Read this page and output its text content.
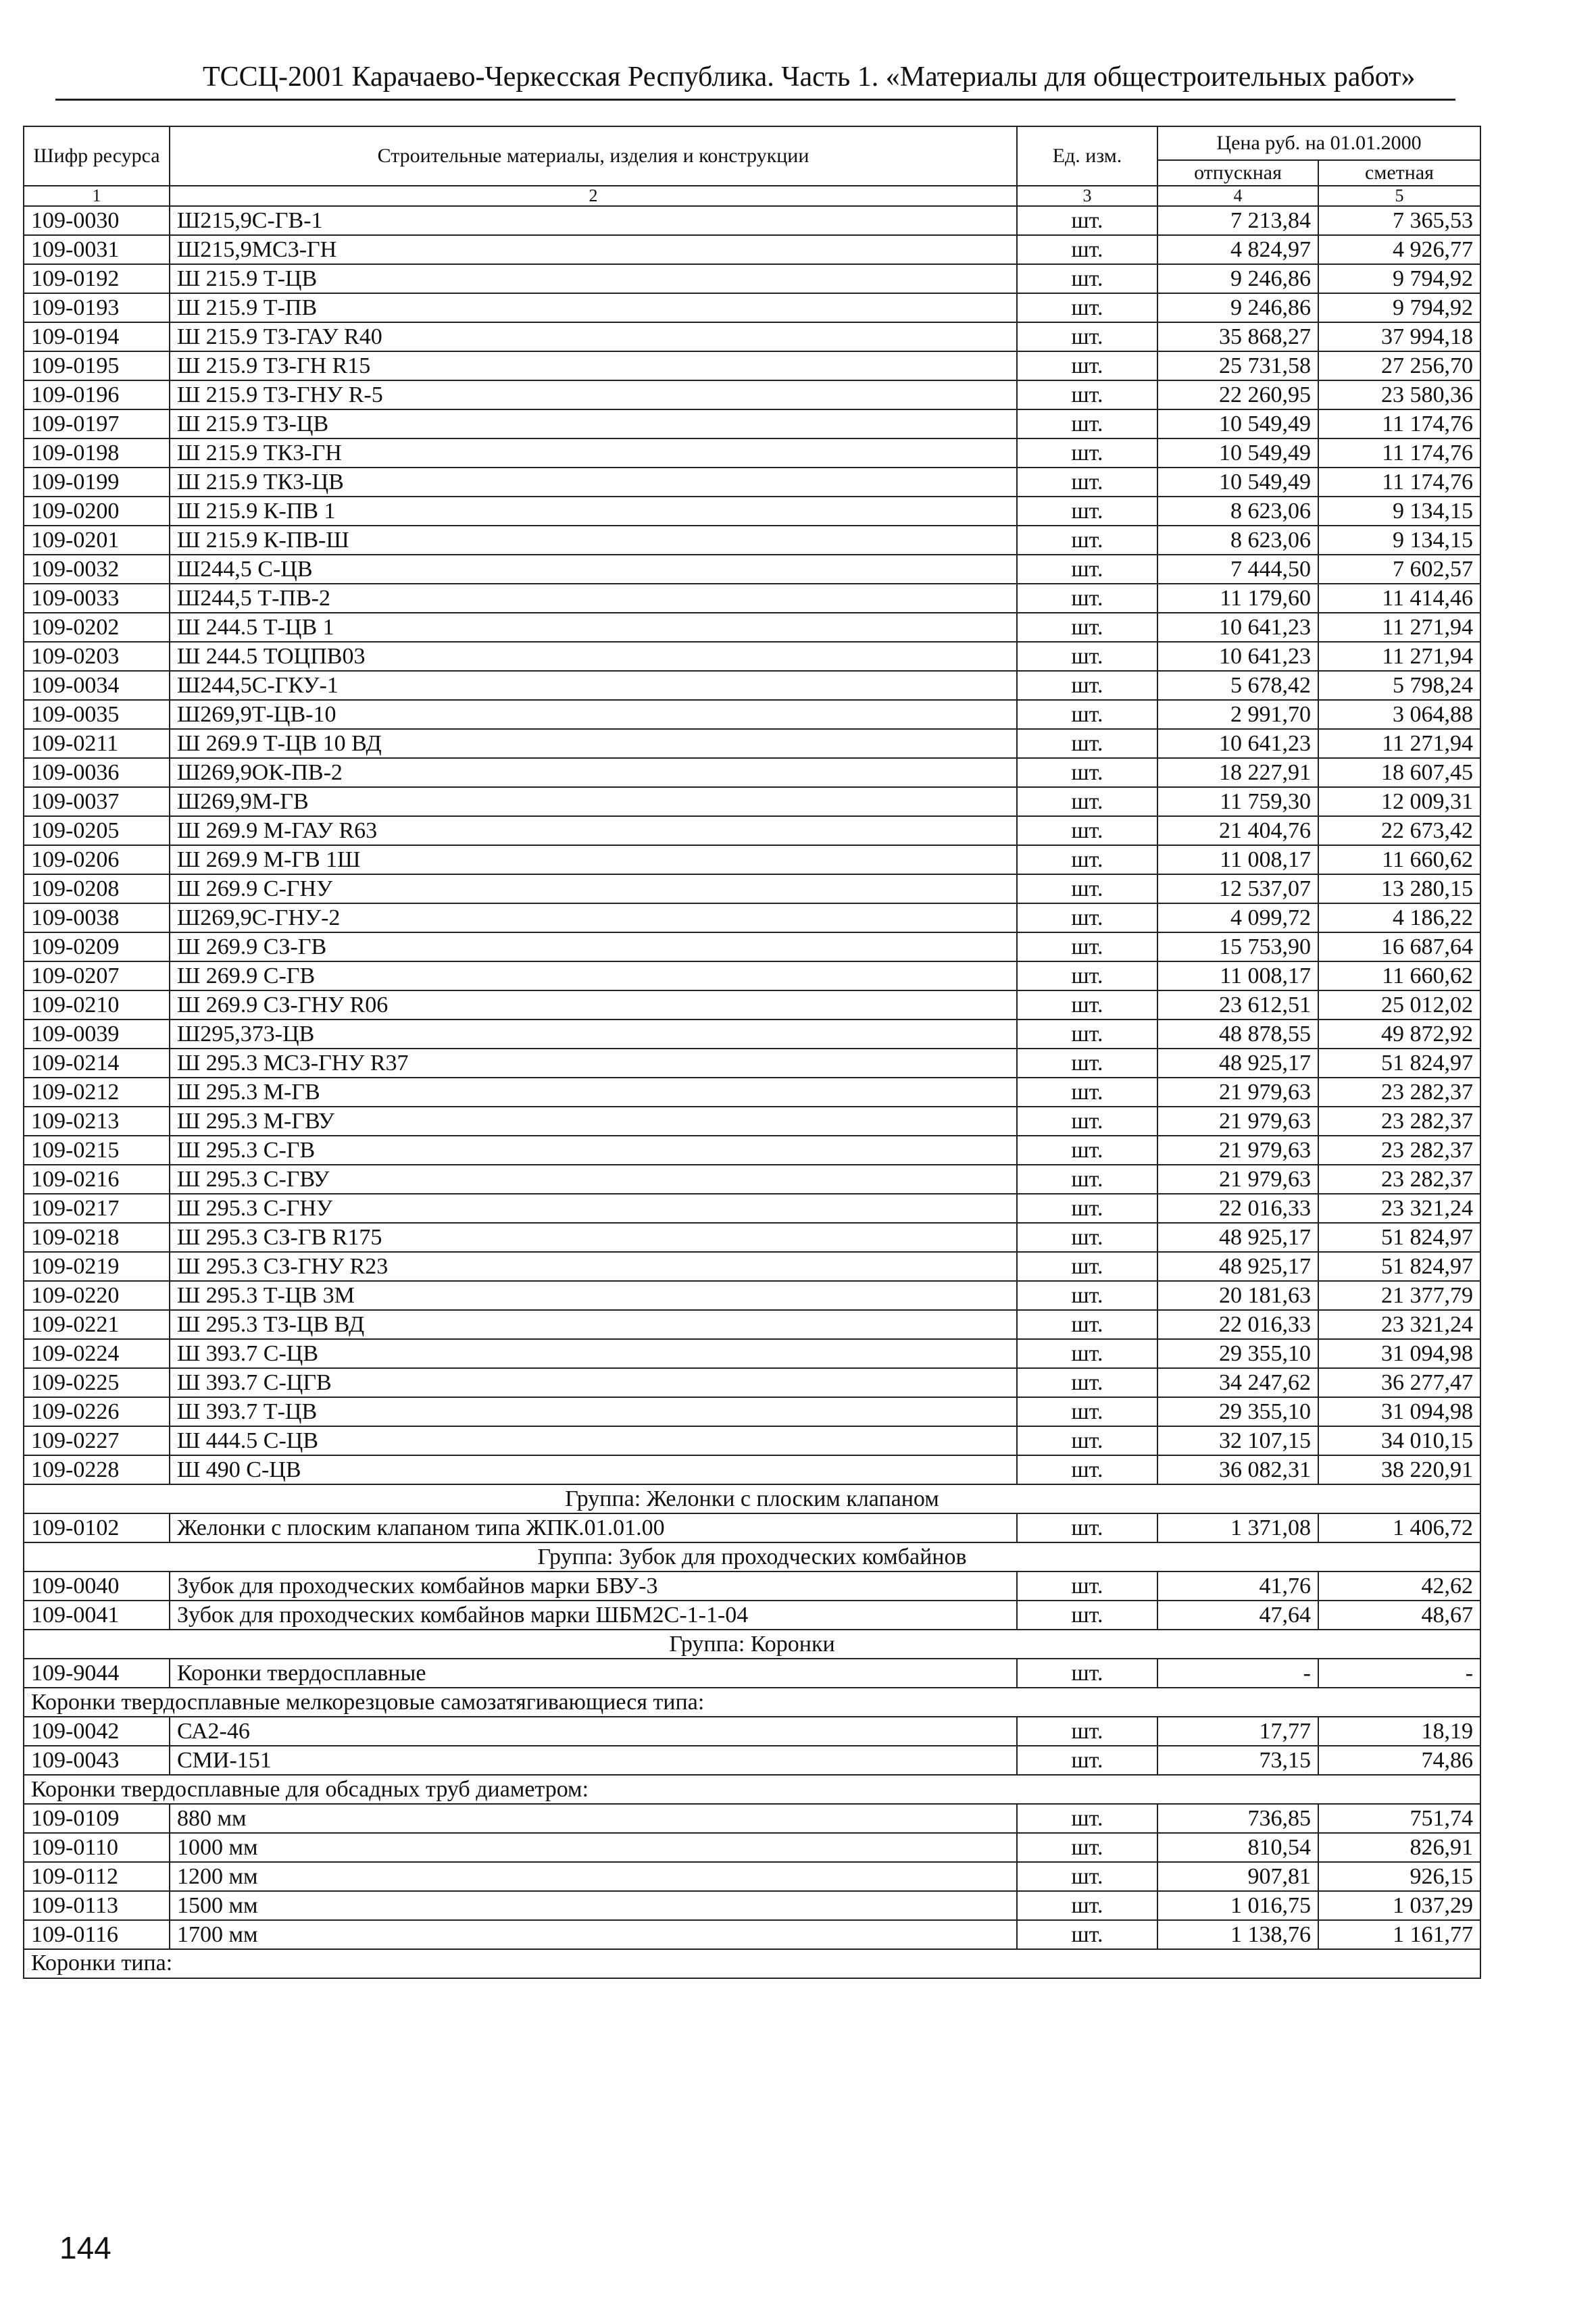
ТССЦ-2001 Карачаево-Черкесская Республика. Часть 1. «Материалы для общестроительных работ»
Шифр ресурса	Строительные материалы, изделия и конструкции	Ед. изм.	Цена руб. на 01.01.2000	
			отпускная	сметная
1	2	3	4	5
109-0030	Ш215,9С-ГВ-1	шт.	7 213,84	7 365,53
109-0031	Ш215,9МС3-ГН	шт.	4 824,97	4 926,77
109-0192	Ш 215.9 Т-ЦВ	шт.	9 246,86	9 794,92
109-0193	Ш 215.9 Т-ПВ	шт.	9 246,86	9 794,92
109-0194	Ш 215.9 ТЗ-ГАУ R40	шт.	35 868,27	37 994,18
109-0195	Ш 215.9 ТЗ-ГН R15	шт.	25 731,58	27 256,70
109-0196	Ш 215.9 ТЗ-ГНУ R-5	шт.	22 260,95	23 580,36
109-0197	Ш 215.9 ТЗ-ЦВ	шт.	10 549,49	11 174,76
109-0198	Ш 215.9 ТКЗ-ГН	шт.	10 549,49	11 174,76
109-0199	Ш 215.9 ТКЗ-ЦВ	шт.	10 549,49	11 174,76
109-0200	Ш 215.9 К-ПВ 1	шт.	8 623,06	9 134,15
109-0201	Ш 215.9 К-ПВ-Ш	шт.	8 623,06	9 134,15
109-0032	Ш244,5 С-ЦВ	шт.	7 444,50	7 602,57
109-0033	Ш244,5 Т-ПВ-2	шт.	11 179,60	11 414,46
109-0202	Ш 244.5 Т-ЦВ 1	шт.	10 641,23	11 271,94
109-0203	Ш 244.5 ТОЦПВ03	шт.	10 641,23	11 271,94
109-0034	Ш244,5С-ГКУ-1	шт.	5 678,42	5 798,24
109-0035	Ш269,9Т-ЦВ-10	шт.	2 991,70	3 064,88
109-0211	Ш 269.9 Т-ЦВ 10 ВД	шт.	10 641,23	11 271,94
109-0036	Ш269,9ОК-ПВ-2	шт.	18 227,91	18 607,45
109-0037	Ш269,9М-ГВ	шт.	11 759,30	12 009,31
109-0205	Ш 269.9 М-ГАУ R63	шт.	21 404,76	22 673,42
109-0206	Ш 269.9 М-ГВ 1Ш	шт.	11 008,17	11 660,62
109-0208	Ш 269.9 С-ГНУ	шт.	12 537,07	13 280,15
109-0038	Ш269,9С-ГНУ-2	шт.	4 099,72	4 186,22
109-0209	Ш 269.9 СЗ-ГВ	шт.	15 753,90	16 687,64
109-0207	Ш 269.9 С-ГВ	шт.	11 008,17	11 660,62
109-0210	Ш 269.9 СЗ-ГНУ R06	шт.	23 612,51	25 012,02
109-0039	Ш295,373-ЦВ	шт.	48 878,55	49 872,92
109-0214	Ш 295.3 МСЗ-ГНУ R37	шт.	48 925,17	51 824,97
109-0212	Ш 295.3 М-ГВ	шт.	21 979,63	23 282,37
109-0213	Ш 295.3 М-ГВУ	шт.	21 979,63	23 282,37
109-0215	Ш 295.3 С-ГВ	шт.	21 979,63	23 282,37
109-0216	Ш 295.3 С-ГВУ	шт.	21 979,63	23 282,37
109-0217	Ш 295.3 С-ГНУ	шт.	22 016,33	23 321,24
109-0218	Ш 295.3 СЗ-ГВ R175	шт.	48 925,17	51 824,97
109-0219	Ш 295.3 СЗ-ГНУ R23	шт.	48 925,17	51 824,97
109-0220	Ш 295.3 Т-ЦВ 3М	шт.	20 181,63	21 377,79
109-0221	Ш 295.3 ТЗ-ЦВ ВД	шт.	22 016,33	23 321,24
109-0224	Ш 393.7 С-ЦВ	шт.	29 355,10	31 094,98
109-0225	Ш 393.7 С-ЦГВ	шт.	34 247,62	36 277,47
109-0226	Ш 393.7 Т-ЦВ	шт.	29 355,10	31 094,98
109-0227	Ш 444.5 С-ЦВ	шт.	32 107,15	34 010,15
109-0228	Ш 490 С-ЦВ	шт.	36 082,31	38 220,91
Группа: Желонки с плоским клапаном				
109-0102	Желонки с плоским клапаном типа ЖПК.01.01.00	шт.	1 371,08	1 406,72
Группа: Зубок для проходческих комбайнов				
109-0040	Зубок для проходческих комбайнов марки БВУ-3	шт.	41,76	42,62
109-0041	Зубок для проходческих комбайнов марки ШБМ2С-1-1-04	шт.	47,64	48,67
Группа: Коронки				
109-9044	Коронки твердосплавные	шт.	-	-
Коронки твердосплавные мелкорезцовые самозатягивающиеся типа:				
109-0042	СА2-46	шт.	17,77	18,19
109-0043	СМИ-151	шт.	73,15	74,86
Коронки твердосплавные для обсадных труб диаметром:				
109-0109	880 мм	шт.	736,85	751,74
109-0110	1000 мм	шт.	810,54	826,91
109-0112	1200 мм	шт.	907,81	926,15
109-0113	1500 мм	шт.	1 016,75	1 037,29
109-0116	1700 мм	шт.	1 138,76	1 161,77
Коронки типа:				
144
